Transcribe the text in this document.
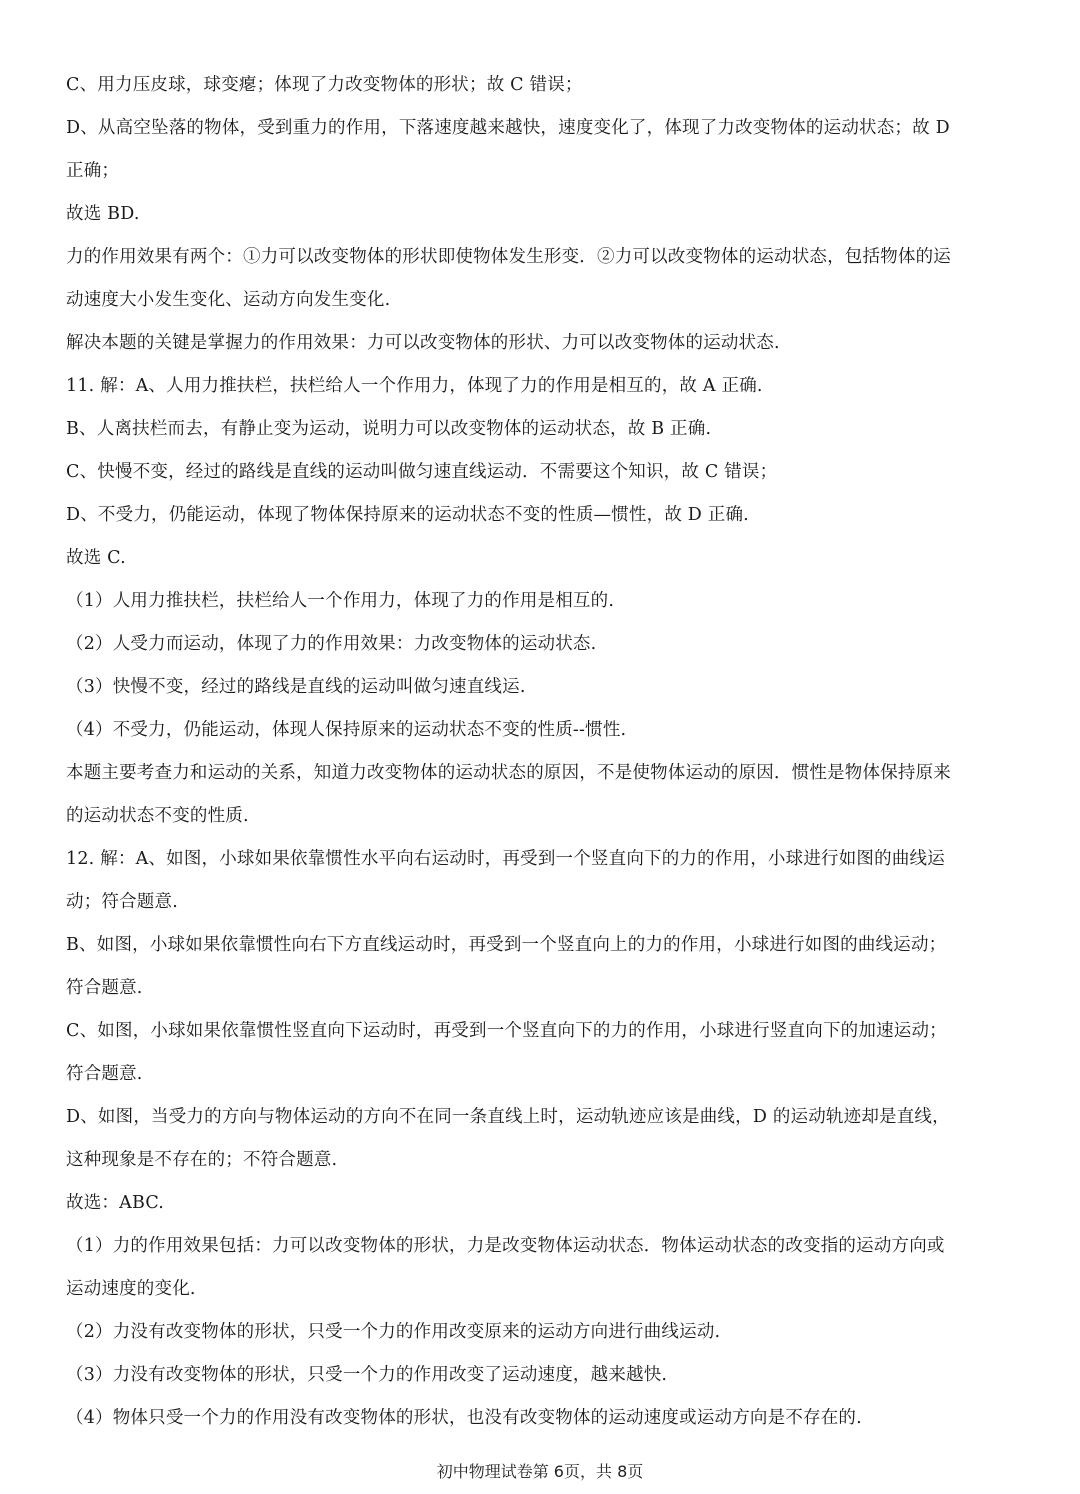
C、用力压皮球，球变瘪；体现了力改变物体的形状；故 C 错误；
D、从高空坠落的物体，受到重力的作用，下落速度越来越快，速度变化了，体现了力改变物体的运动状态；故 D
正确；
故选 BD.
力的作用效果有两个：①力可以改变物体的形状即使物体发生形变．②力可以改变物体的运动状态，包括物体的运
动速度大小发生变化、运动方向发生变化.
解决本题的关键是掌握力的作用效果：力可以改变物体的形状、力可以改变物体的运动状态.
11. 解：A、人用力推扶栏，扶栏给人一个作用力，体现了力的作用是相互的，故 A 正确.
B、人离扶栏而去，有静止变为运动，说明力可以改变物体的运动状态，故 B 正确.
C、快慢不变，经过的路线是直线的运动叫做匀速直线运动．不需要这个知识，故 C 错误；
D、不受力，仍能运动，体现了物体保持原来的运动状态不变的性质—惯性，故 D 正确.
故选 C.
（1）人用力推扶栏，扶栏给人一个作用力，体现了力的作用是相互的.
（2）人受力而运动，体现了力的作用效果：力改变物体的运动状态.
（3）快慢不变，经过的路线是直线的运动叫做匀速直线运.
（4）不受力，仍能运动，体现人保持原来的运动状态不变的性质--惯性.
本题主要考查力和运动的关系，知道力改变物体的运动状态的原因，不是使物体运动的原因．惯性是物体保持原来
的运动状态不变的性质.
12. 解：A、如图，小球如果依靠惯性水平向右运动时，再受到一个竖直向下的力的作用，小球进行如图的曲线运
动；符合题意.
B、如图，小球如果依靠惯性向右下方直线运动时，再受到一个竖直向上的力的作用，小球进行如图的曲线运动；
符合题意.
C、如图，小球如果依靠惯性竖直向下运动时，再受到一个竖直向下的力的作用，小球进行竖直向下的加速运动；
符合题意.
D、如图，当受力的方向与物体运动的方向不在同一条直线上时，运动轨迹应该是曲线，D 的运动轨迹却是直线，
这种现象是不存在的；不符合题意.
故选：ABC.
（1）力的作用效果包括：力可以改变物体的形状，力是改变物体运动状态．物体运动状态的改变指的运动方向或
运动速度的变化.
（2）力没有改变物体的形状，只受一个力的作用改变原来的运动方向进行曲线运动.
（3）力没有改变物体的形状，只受一个力的作用改变了运动速度，越来越快.
（4）物体只受一个力的作用没有改变物体的形状，也没有改变物体的运动速度或运动方向是不存在的.
初中物理试卷第 6页，共 8页
